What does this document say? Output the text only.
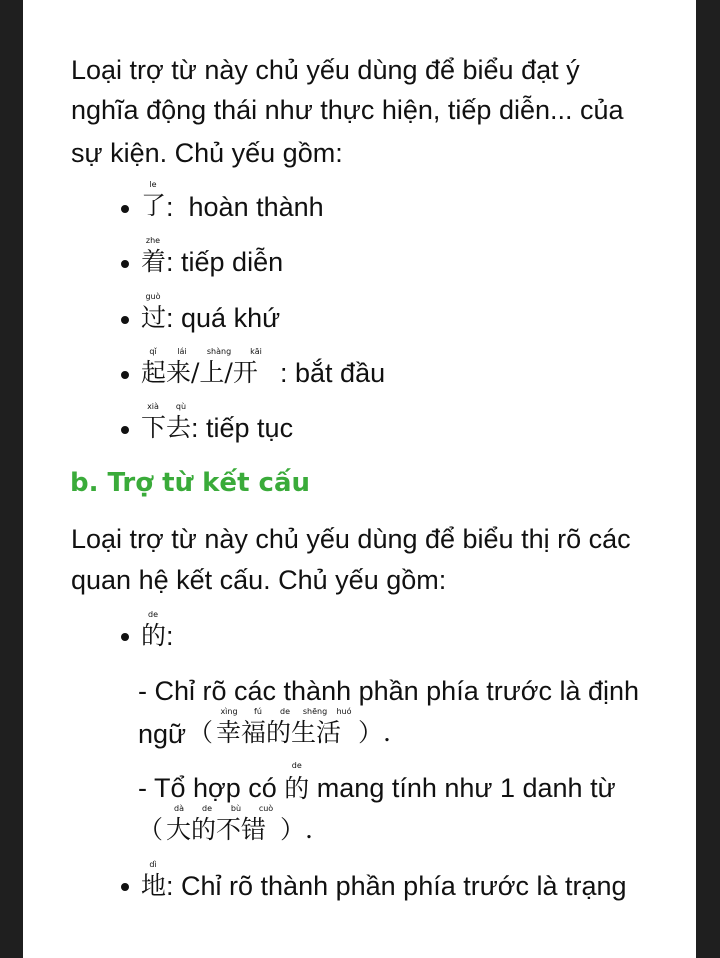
Loại trợ từ này chủ yếu dùng để biểu đạt ý
nghĩa động thái như thực hiện, tiếp diễn... của
sự kiện. Chủ yếu gồm:
le
了 :  hoàn thành
zhe
着 : tiếp diễn
guò
过 : quá khứ
qǐ	lái	shàng kāi
起来/上/开 : bắt đầu
xià qù
下去 : tiếp tục
b. Trợ từ kết cấu
Loại trợ từ này chủ yếu dùng để biểu thị rõ các
quan hệ kết cấu. Chủ yếu gồm:
de
的 :
- Chỉ rõ các thành phần phía trước là định
ngữ （
xìng fú de shēng huó
幸福的生活 ）.
- Tổ hợp có
de
的 mang tính như 1 danh từ
（
dà de bù cuò
大的不错 ）.
dì
地 : Chỉ rõ thành phần phía trước là trạng
